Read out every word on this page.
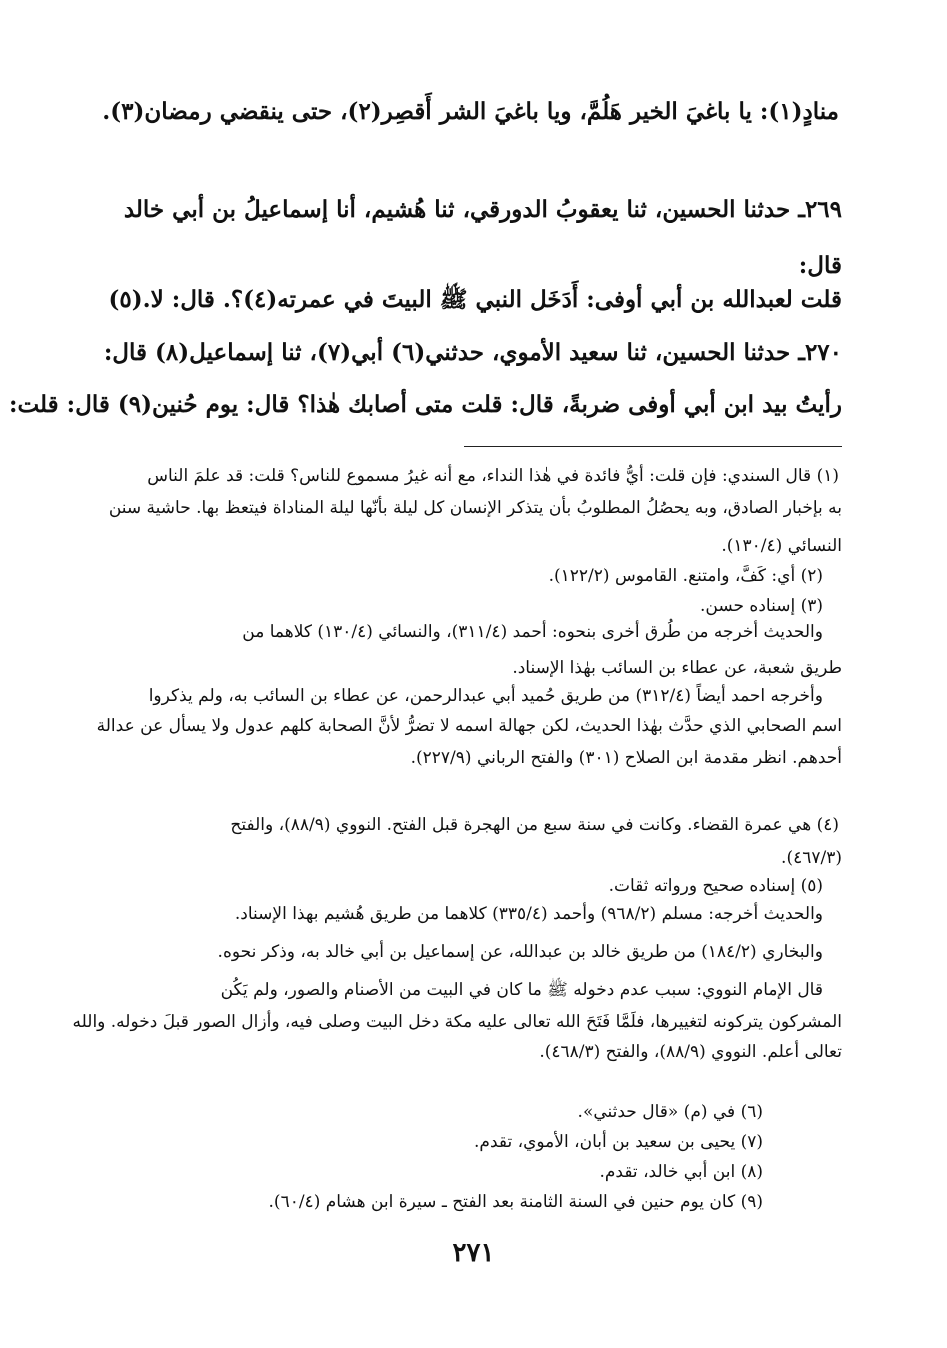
منادٍ(١): يا باغيَ الخير هَلُمَّ، ويا باغيَ الشر أَقصِر(٢)، حتى ينقضي رمضان(٣).
٢٦٩ـ حدثنا الحسين، ثنا يعقوبُ الدورقي، ثنا هُشيم، أنا إسماعيلُ بن أبي خالد
قال:
قلت لعبدالله بن أبي أوفى: أَدَخَل النبي ﷺ البيتَ في عمرته(٤)؟. قال: لا.(٥)
٢٧٠ـ حدثنا الحسين، ثنا سعيد الأموي، حدثني(٦) أبي(٧)، ثنا إسماعيل(٨) قال:
رأيتُ بيد ابن أبي أوفى ضربةً، قال: قلت متى أصابك هٰذا؟ قال: يوم حُنين(٩) قال: قلت:
(١) قال السندي: فإن قلت: أيُّ فائدة في هٰذا النداء، مع أنه غيرُ مسموع للناس؟ قلت: قد علمَ الناس
به بإخبار الصادق، وبه يحصُلُ المطلوبُ بأن يتذكر الإنسان كل ليلة بأنّها ليلة المناداة فيتعظ بها. حاشية سنن
النسائي (١٣٠/٤).
(٢) أي: كَفَّ، وامتنع. القاموس (١٢٢/٢).
(٣) إسناده حسن.
والحديث أخرجه من طُرق أخرى بنحوه: أحمد (٣١١/٤)، والنسائي (١٣٠/٤) كلاهما من
طريق شعبة، عن عطاء بن السائب بهٰذا الإسناد.
وأخرجه احمد أيضاً (٣١٢/٤) من طريق حُميد أبي عبدالرحمن، عن عطاء بن السائب به، ولم يذكروا
اسم الصحابي الذي حدَّث بهٰذا الحديث، لكن جهالة اسمه لا تضرُّ لأنَّ الصحابة كلهم عدول ولا يسأل عن عدالة
أحدهم. انظر مقدمة ابن الصلاح (٣٠١) والفتح الرباني (٢٢٧/٩).
(٤) هي عمرة القضاء. وكانت في سنة سبع من الهجرة قبل الفتح. النووي (٨٨/٩)، والفتح
(٤٦٧/٣).
(٥) إسناده صحيح ورواته ثقات.
والحديث أخرجه: مسلم (٩٦٨/٢) وأحمد (٣٣٥/٤) كلاهما من طريق هُشيم بهذا الإسناد.
والبخاري (١٨٤/٢) من طريق خالد بن عبدالله، عن إسماعيل بن أبي خالد به، وذكر نحوه.
قال الإمام النووي: سبب عدم دخوله ﷺ ما كان في البيت من الأصنام والصور، ولم يَكُن
المشركون يتركونه لتغييرها، فلَمَّا فَتَحَ الله تعالى عليه مكة دخل البيت وصلى فيه، وأزال الصور قبلَ دخوله. والله
تعالى أعلم. النووي (٨٨/٩)، والفتح (٤٦٨/٣).
(٦) في (م) «قال حدثني».
(٧) يحيى بن سعيد بن أبان، الأموي، تقدم.
(٨) ابن أبي خالد، تقدم.
(٩) كان يوم حنين في السنة الثامنة بعد الفتح ـ سيرة ابن هشام (٦٠/٤).
٢٧١
